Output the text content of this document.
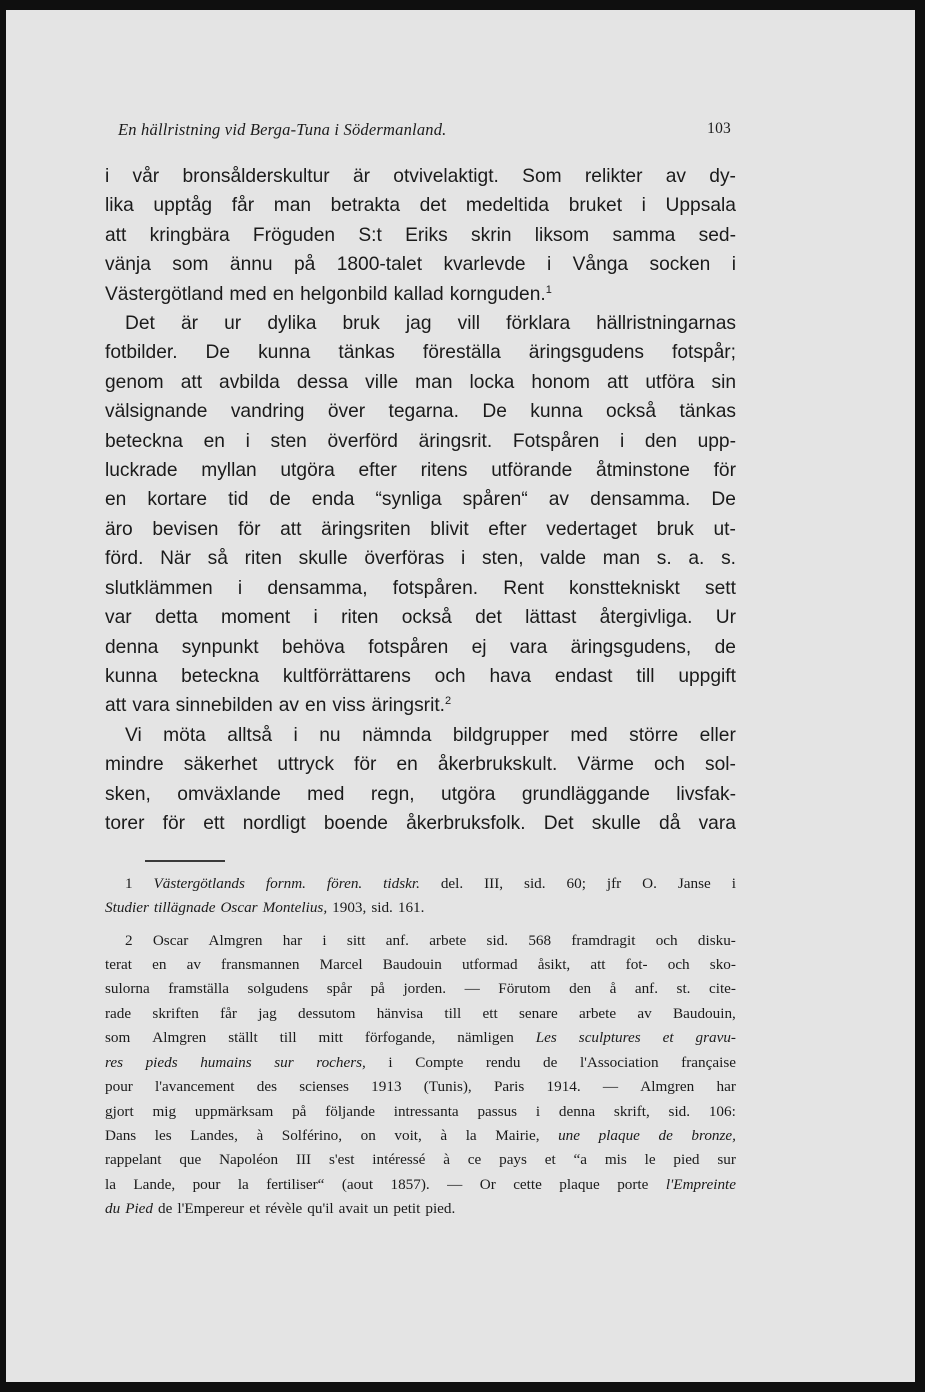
En hällristning vid Berga-Tuna i Södermanland.	103
i vår bronsålderskultur är otvivelaktigt. Som relikter av dy-
lika upptåg får man betrakta det medeltida bruket i Uppsala
att kringbära Fröguden S:t Eriks skrin liksom samma sed-
vänja som ännu på 1800-talet kvarlevde i Vånga socken i
Västergötland med en helgonbild kallad kornguden.$^1$
Det är ur dylika bruk jag vill förklara hällristningarnas
fotbilder. De kunna tänkas föreställa äringsgudens fotspår;
genom att avbilda dessa ville man locka honom att utföra sin
välsignande vandring över tegarna. De kunna också tänkas
beteckna en i sten överförd äringsrit. Fotspåren i den upp-
luckrade myllan utgöra efter ritens utförande åtminstone för
en kortare tid de enda “synliga spåren“ av densamma. De
äro bevisen för att äringsriten blivit efter vedertaget bruk ut-
förd. När så riten skulle överföras i sten, valde man s. a. s.
slutklämmen i densamma, fotspåren. Rent konsttekniskt sett
var detta moment i riten också det lättast återgivliga. Ur
denna synpunkt behöva fotspåren ej vara äringsgudens, de
kunna beteckna kultförrättarens och hava endast till uppgift
att vara sinnebilden av en viss äringsrit.$^2$
Vi möta alltså i nu nämnda bildgrupper med större eller
mindre säkerhet uttryck för en åkerbrukskult. Värme och sol-
sken, omväxlande med regn, utgöra grundläggande livsfak-
torer för ett nordligt boende åkerbruksfolk. Det skulle då vara
1 Västergötlands fornm. fören. tidskr. del. III, sid. 60; jfr O. Janse i
Studier tillägnade Oscar Montelius, 1903, sid. 161.
2 Oscar Almgren har i sitt anf. arbete sid. 568 framdragit och disku-
terat en av fransmannen Marcel Baudouin utformad åsikt, att fot- och sko-
sulorna framställa solgudens spår på jorden. — Förutom den å anf. st. cite-
rade skriften får jag dessutom hänvisa till ett senare arbete av Baudouin,
som Almgren ställt till mitt förfogande, nämligen Les sculptures et gravu-
res pieds humains sur rochers, i Compte rendu de l'Association française
pour l'avancement des scienses 1913 (Tunis), Paris 1914. — Almgren har
gjort mig uppmärksam på följande intressanta passus i denna skrift, sid. 106:
Dans les Landes, à Solférino, on voit, à la Mairie, une plaque de bronze,
rappelant que Napoléon III s'est intéressé à ce pays et “a mis le pied sur
la Lande, pour la fertiliser“ (aout 1857). — Or cette plaque porte l'Empreinte
du Pied de l'Empereur et révèle qu'il avait un petit pied.
